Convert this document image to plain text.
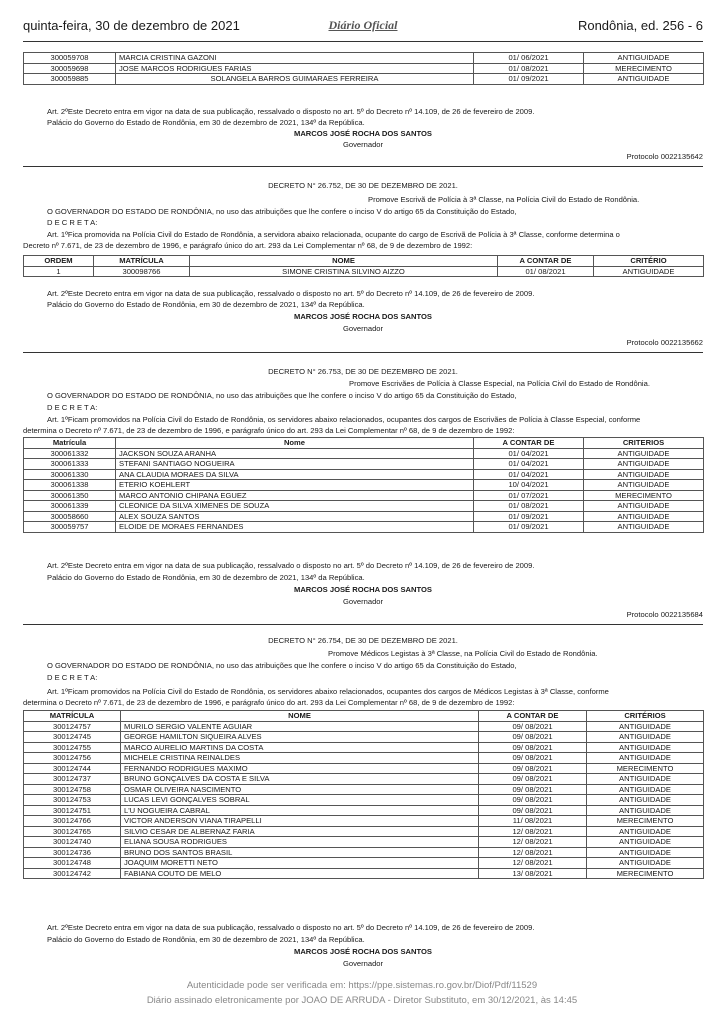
quinta-feira, 30 de dezembro de 2021	Diário Oficial	Rondônia, ed. 256 - 6
300059708	MARCIA CRISTINA GAZONI	01/ 06/2021	ANTIGUIDADE
300059698	JOSE MARCOS RODRIGUES FARIAS	01/ 08/2021	MERECIMENTO
300059885	SOLANGELA BARROS GUIMARAES FERREIRA	01/ 09/2021	ANTIGUIDADE
Art. 2ºEste Decreto entra em vigor na data de sua publicação, ressalvado o disposto no art. 5º do Decreto nº 14.109, de 26 de fevereiro de 2009.
Palácio do Governo do Estado de Rondônia, em 30 de dezembro de 2021, 134º da República.
MARCOS JOSÉ ROCHA DOS SANTOS
Governador
Protocolo 0022135642
DECRETO N° 26.752, DE 30 DE DEZEMBRO DE 2021.
Promove Escrivã de Polícia à 3ª Classe, na Polícia Civil do Estado de Rondônia.
O GOVERNADOR DO ESTADO DE RONDÔNIA, no uso das atribuições que lhe confere o inciso V do artigo 65 da Constituição do Estado,
D E C R E T A:
Art. 1ºFica promovida na Polícia Civil do Estado de Rondônia, a servidora abaixo relacionada, ocupante do cargo de Escrivã de Polícia à 3ª Classe, conforme determina o
Decreto nº 7.671, de 23 de dezembro de 1996, e parágrafo único do art. 293 da Lei Complementar nº 68, de 9 de dezembro de 1992:
ORDEM	MATRÍCULA	NOME	A CONTAR DE	CRITÉRIO
1	300098766	SIMONE CRISTINA SILVINO AIZZO	01/ 08/2021	ANTIGUIDADE
Art. 2ºEste Decreto entra em vigor na data de sua publicação, ressalvado o disposto no art. 5º do Decreto nº 14.109, de 26 de fevereiro de 2009.
Palácio do Governo do Estado de Rondônia, em 30 de dezembro de 2021, 134º da República.
MARCOS JOSÉ ROCHA DOS SANTOS
Governador
Protocolo 0022135662
DECRETO N° 26.753, DE 30 DE DEZEMBRO DE 2021.
Promove Escrivães de Polícia à Classe Especial, na Polícia Civil do Estado de Rondônia.
O GOVERNADOR DO ESTADO DE RONDÔNIA, no uso das atribuições que lhe confere o inciso V do artigo 65 da Constituição do Estado,
D E C R E T A:
Art. 1ºFicam promovidos na Polícia Civil do Estado de Rondônia, os servidores abaixo relacionados, ocupantes dos cargos de Escrivães de Polícia à Classe Especial, conforme
determina o Decreto nº 7.671, de 23 de dezembro de 1996, e parágrafo único do art. 293 da Lei Complementar nº 68, de 9 de dezembro de 1992:
Matrícula	Nome	A CONTAR DE	CRITERIOS
300061332	JACKSON SOUZA ARANHA	01/ 04/2021	ANTIGUIDADE
300061333	STEFANI SANTIAGO NOGUEIRA	01/ 04/2021	ANTIGUIDADE
300061330	ANA CLAUDIA MORAES DA SILVA	01/ 04/2021	ANTIGUIDADE
300061338	ETERIO KOEHLERT	10/ 04/2021	ANTIGUIDADE
300061350	MARCO ANTONIO CHIPANA EGUEZ	01/ 07/2021	MERECIMENTO
300061339	CLEONICE DA SILVA XIMENES DE SOUZA	01/ 08/2021	ANTIGUIDADE
300058660	ALEX SOUZA SANTOS	01/ 09/2021	ANTIGUIDADE
300059757	ELOIDE DE MORAES FERNANDES	01/ 09/2021	ANTIGUIDADE
Art. 2ºEste Decreto entra em vigor na data de sua publicação, ressalvado o disposto no art. 5º do Decreto nº 14.109, de 26 de fevereiro de 2009.
Palácio do Governo do Estado de Rondônia, em 30 de dezembro de 2021, 134º da República.
MARCOS JOSÉ ROCHA DOS SANTOS
Governador
Protocolo 0022135684
DECRETO N° 26.754, DE 30 DE DEZEMBRO DE 2021.
Promove Médicos Legistas à 3ª Classe, na Polícia Civil do Estado de Rondônia.
O GOVERNADOR DO ESTADO DE RONDÔNIA, no uso das atribuições que lhe confere o inciso V do artigo 65 da Constituição do Estado,
D E C R E T A:
Art. 1ºFicam promovidos na Polícia Civil do Estado de Rondônia, os servidores abaixo relacionados, ocupantes dos cargos de Médicos Legistas à 3ª Classe, conforme
determina o Decreto nº 7.671, de 23 de dezembro de 1996, e parágrafo único do art. 293 da Lei Complementar nº 68, de 9 de dezembro de 1992:
MATRÍCULA	NOME	A CONTAR DE	CRITÉRIOS
300124757	MURILO SERGIO VALENTE AGUIAR	09/ 08/2021	ANTIGUIDADE
300124745	GEORGE HAMILTON SIQUEIRA ALVES	09/ 08/2021	ANTIGUIDADE
300124755	MARCO AURELIO MARTINS DA COSTA	09/ 08/2021	ANTIGUIDADE
300124756	MICHELE CRISTINA REINALDES	09/ 08/2021	ANTIGUIDADE
300124744	FERNANDO RODRIGUES MAXIMO	09/ 08/2021	MERECIMENTO
300124737	BRUNO GONÇALVES DA COSTA E SILVA	09/ 08/2021	ANTIGUIDADE
300124758	OSMAR OLIVEIRA NASCIMENTO	09/ 08/2021	ANTIGUIDADE
300124753	LUCAS LEVI GONÇALVES SOBRAL	09/ 08/2021	ANTIGUIDADE
300124751	L'U NOGUEIRA CABRAL	09/ 08/2021	ANTIGUIDADE
300124766	VICTOR ANDERSON VIANA TIRAPELLI	11/ 08/2021	MERECIMENTO
300124765	SILVIO CESAR DE ALBERNAZ FARIA	12/ 08/2021	ANTIGUIDADE
300124740	ELIANA SOUSA RODRIGUES	12/ 08/2021	ANTIGUIDADE
300124736	BRUNO DOS SANTOS BRASIL	12/ 08/2021	ANTIGUIDADE
300124748	JOAQUIM MORETTI NETO	12/ 08/2021	ANTIGUIDADE
300124742	FABIANA COUTO DE MELO	13/ 08/2021	MERECIMENTO
Art. 2ºEste Decreto entra em vigor na data de sua publicação, ressalvado o disposto no art. 5º do Decreto nº 14.109, de 26 de fevereiro de 2009.
Palácio do Governo do Estado de Rondônia, em 30 de dezembro de 2021, 134º da República.
MARCOS JOSÉ ROCHA DOS SANTOS
Governador
Autenticidade pode ser verificada em: https://ppe.sistemas.ro.gov.br/Diof/Pdf/11529
Diário assinado eletronicamente por JOAO DE ARRUDA - Diretor Substituto, em 30/12/2021, às 14:45
